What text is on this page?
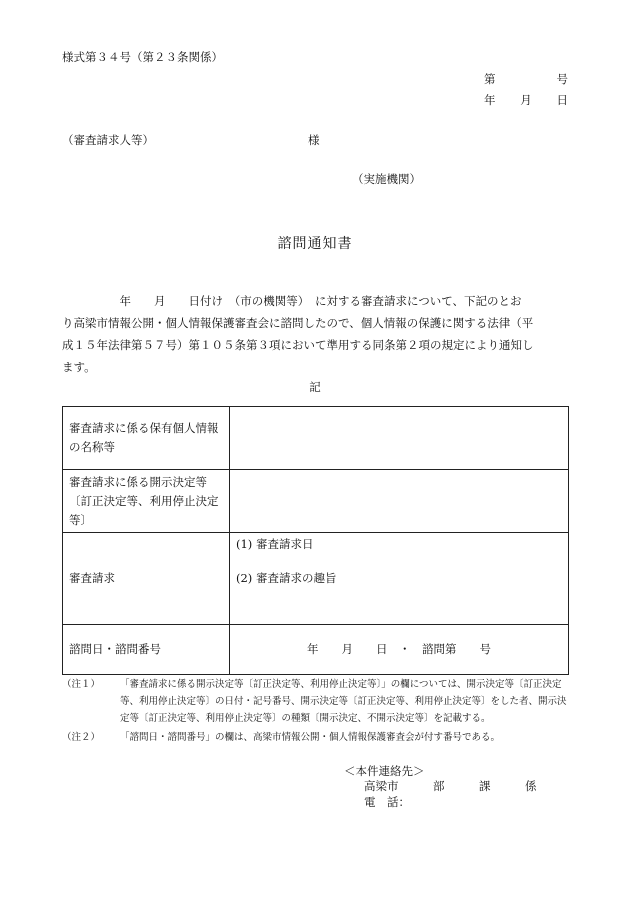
様式第３４号（第２３条関係）
第	号
年 月 日
（審査請求人等）	様
（実施機関）
諮問通知書
　　　　　年　　月　　日付け　（市の機関等）　に対する審査請求について、下記のとお
り高梁市情報公開・個人情報保護審査会に諮問したので、個人情報の保護に関する法律（平
成１５年法律第５７号）第１０５条第３項において準用する同条第２項の規定により通知し
ます。
記
審査請求に係る保有個人情報の名称等	
審査請求に係る開示決定等〔訂正決定等、利用停止決定等〕	
審査請求	(1) 審査請求日
(2) 審査請求の趣旨

諮問日・諮問番号	年　　月　　日　・　諮問第　　号
（注１） 「審査請求に係る開示決定等〔訂正決定等、利用停止決定等〕」の欄については、開示決定等〔訂正決定等、利用停止決定等〕の日付・記号番号、開示決定等〔訂正決定等、利用停止決定等〕をした者、開示決定等〔訂正決定等、利用停止決定等〕の種類〔開示決定、不開示決定等〕を記載する。
（注２） 「諮問日・諮問番号」の欄は、高梁市情報公開・個人情報保護審査会が付す番号である。
＜本件連絡先＞
高梁市　　　部　　　課　　　係
電　話：
